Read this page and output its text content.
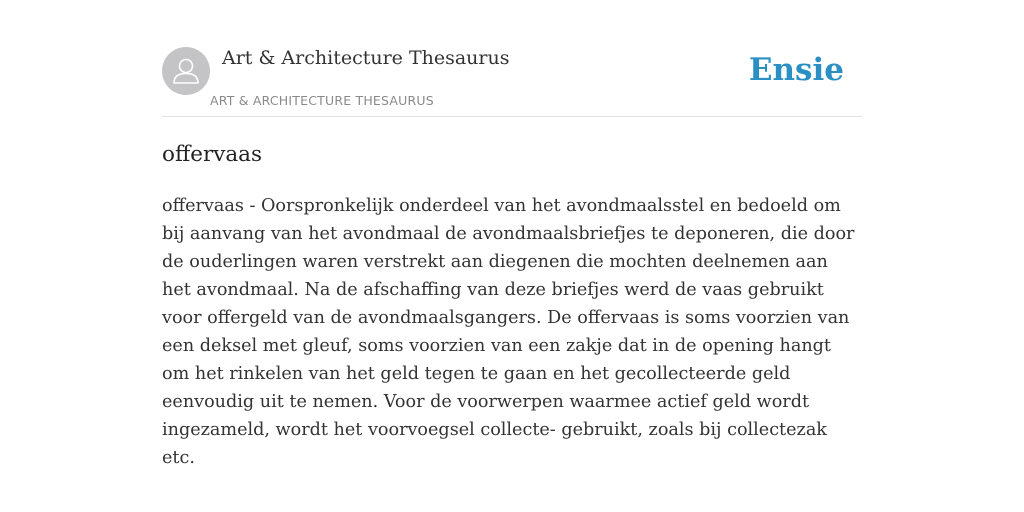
Art & Architecture Thesaurus
ART & ARCHITECTURE THESAURUS
Ensie
offervaas

offervaas - Oorspronkelijk onderdeel van het avondmaalsstel en bedoeld om bij aanvang van het avondmaal de avondmaalsbriefjes te deponeren, die door de ouderlingen waren verstrekt aan diegenen die mochten deelnemen aan het avondmaal. Na de afschaffing van deze briefjes werd de vaas gebruikt voor offergeld van de avondmaalsgangers. De offervaas is soms voorzien van een deksel met gleuf, soms voorzien van een zakje dat in de opening hangt om het rinkelen van het geld tegen te gaan en het gecollecteerde geld eenvoudig uit te nemen. Voor de voorwerpen waarmee actief geld wordt ingezameld, wordt het voorvoegsel collecte- gebruikt, zoals bij collectezak etc.
